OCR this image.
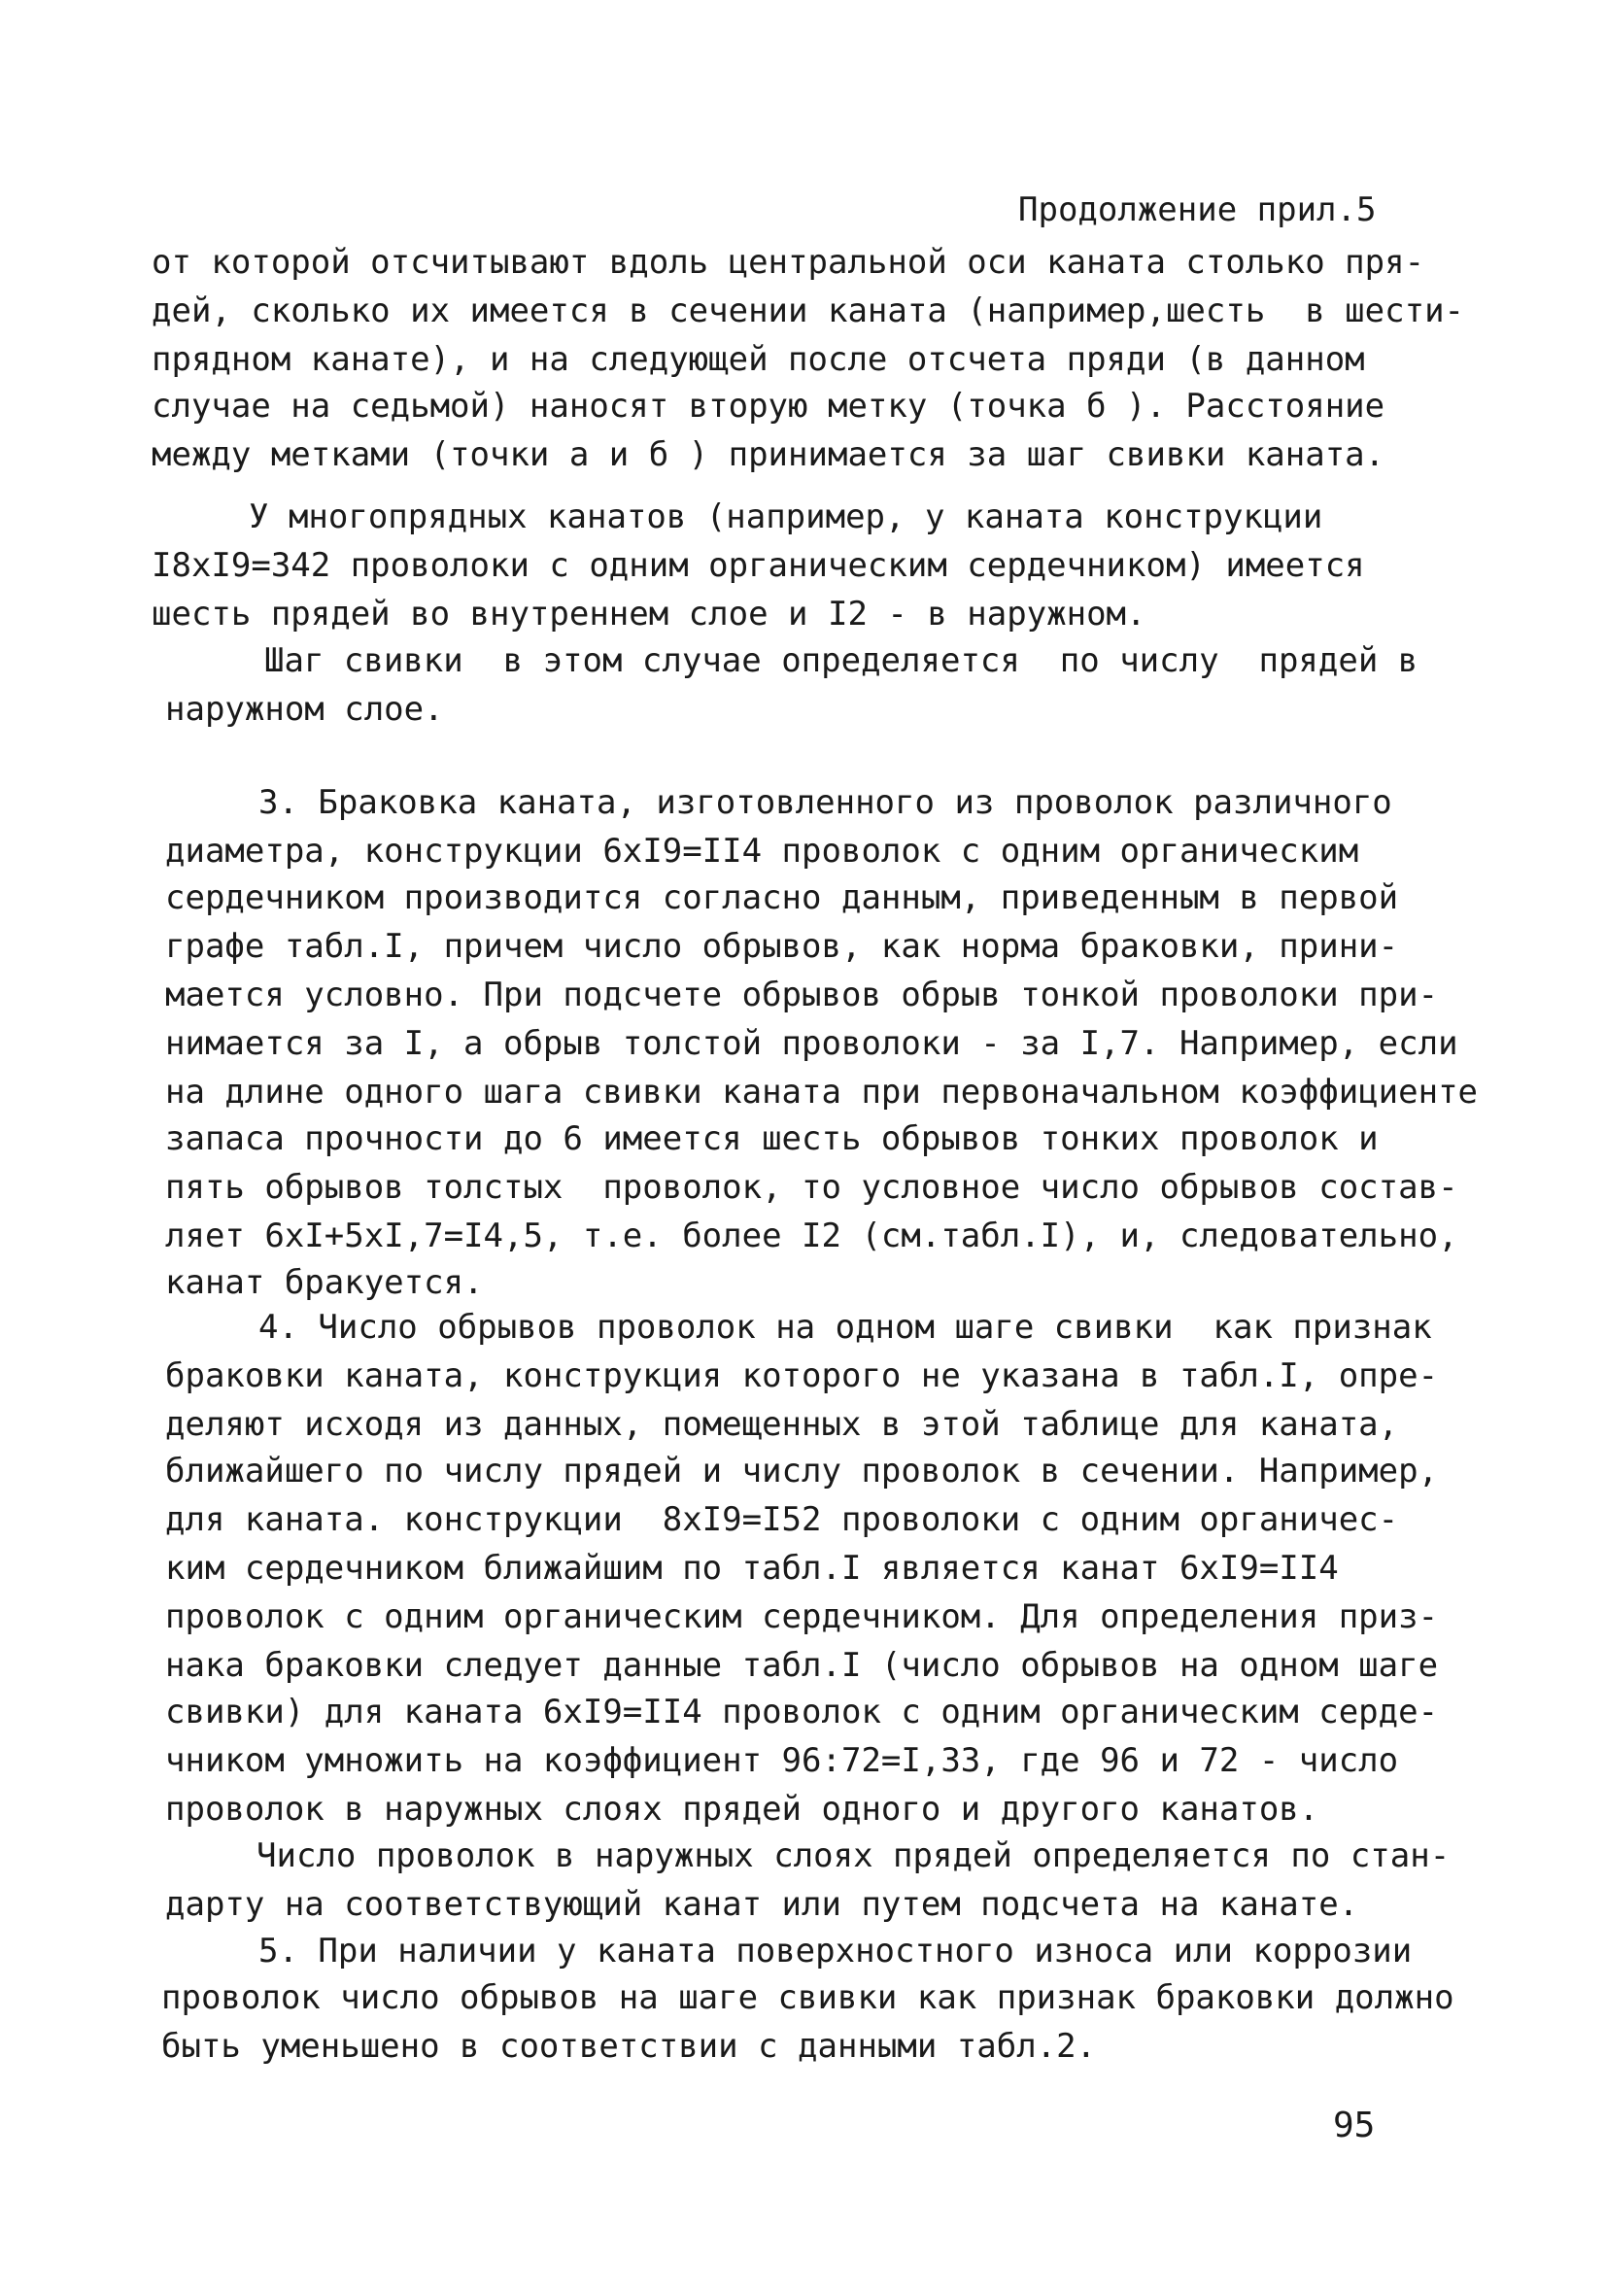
Продолжение прил.5
от которой отсчитывают вдоль центральной оси каната столько пря-
дей, сколько их имеется в сечении каната (например,шесть  в шести-
прядном канате), и на следующей после отсчета пряди (в данном
случае на седьмой) наносят вторую метку (точка б ). Расстояние
между метками (точки а и б ) принимается за шаг свивки каната.
У многопрядных канатов (например, у каната конструкции
I8xI9=342 проволоки с одним органическим сердечником) имеется
шесть прядей во внутреннем слое и I2 - в наружном.
Шаг свивки  в этом случае определяется  по числу  прядей в
наружном слое.
3. Браковка каната, изготовленного из проволок различного
диаметра, конструкции 6xI9=II4 проволок с одним органическим
сердечником производится согласно данным, приведенным в первой
графе табл.I, причем число обрывов, как норма браковки, прини-
мается условно. При подсчете обрывов обрыв тонкой проволоки при-
нимается за I, а обрыв толстой проволоки - за I,7. Например, если
на длине одного шага свивки каната при первоначальном коэффициенте
запаса прочности до 6 имеется шесть обрывов тонких проволок и
пять обрывов толстых  проволок, то условное число обрывов состав-
ляет 6xI+5xI,7=I4,5, т.е. более I2 (см.табл.I), и, следовательно,
канат бракуется.
4. Число обрывов проволок на одном шаге свивки  как признак
браковки каната, конструкция которого не указана в табл.I, опре-
деляют исходя из данных, помещенных в этой таблице для каната,
ближайшего по числу прядей и числу проволок в сечении. Например,
для каната. конструкции  8xI9=I52 проволоки с одним органичес-
ким сердечником ближайшим по табл.I является канат 6xI9=II4
проволок с одним органическим сердечником. Для определения приз-
нака браковки следует данные табл.I (число обрывов на одном шаге
свивки) для каната 6xI9=II4 проволок с одним органическим серде-
чником умножить на коэффициент 96:72=I,33, где 96 и 72 - число
проволок в наружных слоях прядей одного и другого канатов.
Число проволок в наружных слоях прядей определяется по стан-
дарту на соответствующий канат или путем подсчета на канате.
5. При наличии у каната поверхностного износа или коррозии
проволок число обрывов на шаге свивки как признак браковки должно
быть уменьшено в соответствии с данными табл.2.
95
